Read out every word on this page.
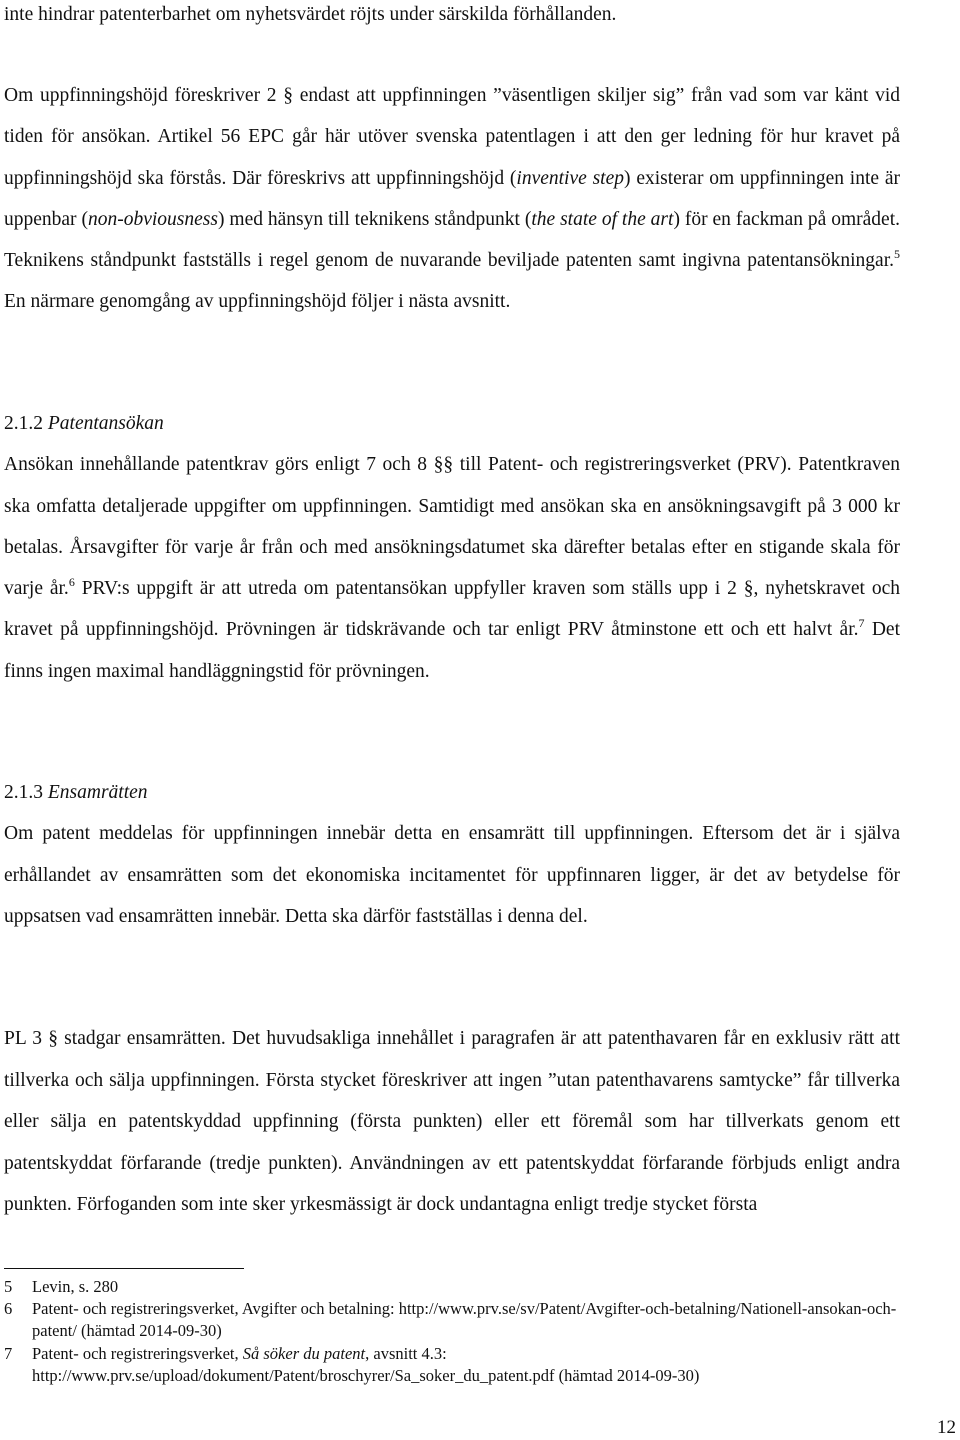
inte hindrar patenterbarhet om nyhetsvärdet röjts under särskilda förhållanden.

Om uppfinningshöjd föreskriver 2 § endast att uppfinningen ”väsentligen skiljer sig” från vad som var känt vid tiden för ansökan. Artikel 56 EPC går här utöver svenska patentlagen i att den ger ledning för hur kravet på uppfinningshöjd ska förstås. Där föreskrivs att uppfinningshöjd (inventive step) existerar om uppfinningen inte är uppenbar (non-obviousness) med hänsyn till teknikens ståndpunkt (the state of the art) för en fackman på området. Teknikens ståndpunkt fastställs i regel genom de nuvarande beviljade patenten samt ingivna patentansökningar.$^5$ En närmare genomgång av uppfinningshöjd följer i nästa avsnitt.

2.1.2 Patentansökan
Ansökan innehållande patentkrav görs enligt 7 och 8 §§ till Patent- och registreringsverket (PRV). Patentkraven ska omfatta detaljerade uppgifter om uppfinningen. Samtidigt med ansökan ska en ansökningsavgift på 3 000 kr betalas. Årsavgifter för varje år från och med ansökningsdatumet ska därefter betalas efter en stigande skala för varje år.$^6$ PRV:s uppgift är att utreda om patentansökan uppfyller kraven som ställs upp i 2 §, nyhetskravet och kravet på uppfinningshöjd. Prövningen är tidskrävande och tar enligt PRV åtminstone ett och ett halvt år.$^7$ Det finns ingen maximal handläggningstid för prövningen.

2.1.3 Ensamrätten
Om patent meddelas för uppfinningen innebär detta en ensamrätt till uppfinningen. Eftersom det är i själva erhållandet av ensamrätten som det ekonomiska incitamentet för uppfinnaren ligger, är det av betydelse för uppsatsen vad ensamrätten innebär. Detta ska därför fastställas i denna del.

PL 3 § stadgar ensamrätten. Det huvudsakliga innehållet i paragrafen är att patenthavaren får en exklusiv rätt att tillverka och sälja uppfinningen. Första stycket föreskriver att ingen ”utan patenthavarens samtycke” får tillverka eller sälja en patentskyddad uppfinning (första punkten) eller ett föremål som har tillverkats genom ett patentskyddat förfarande (tredje punkten). Användningen av ett patentskyddat förfarande förbjuds enligt andra punkten. Förfoganden som inte sker yrkesmässigt är dock undantagna enligt tredje stycket första

5	Levin, s. 280

6	Patent- och registreringsverket, Avgifter och betalning: http://www.prv.se/sv/Patent/Avgifter-och-betalning/Nationell-ansokan-och-patent/ (hämtad 2014-09-30)

7	Patent- och registreringsverket, Så söker du patent, avsnitt 4.3: http://www.prv.se/upload/dokument/Patent/broschyrer/Sa_soker_du_patent.pdf (hämtad 2014-09-30)

12
